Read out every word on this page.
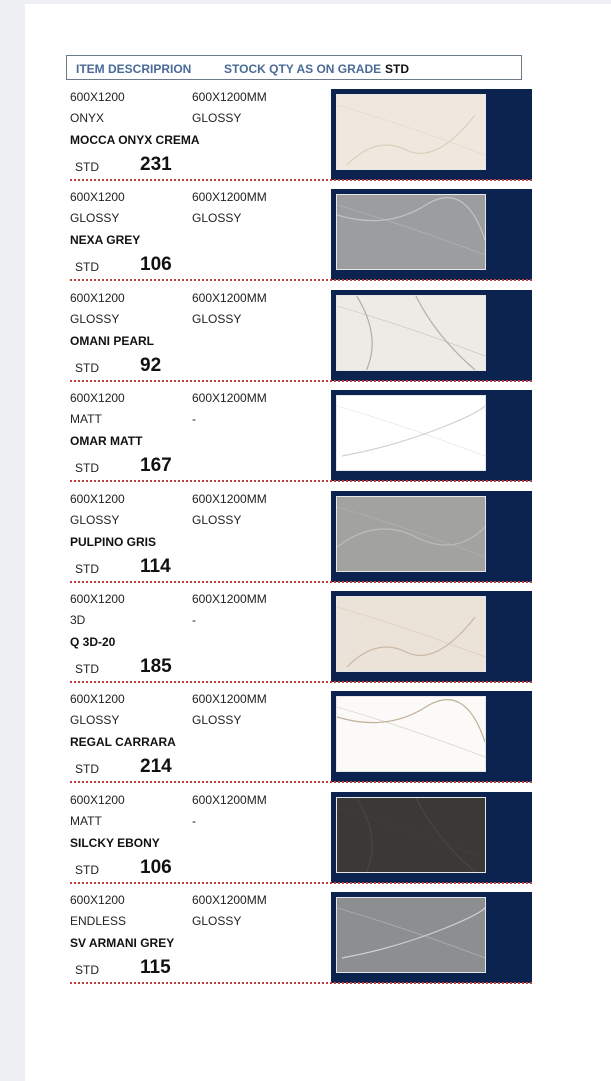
ITEM DESCRIPRION	STOCK QTY AS ON GRADE STD
600X1200
ONYX
600X1200MM
GLOSSY
MOCCA ONYX CREMA
STD 231
600X1200
GLOSSY
600X1200MM
GLOSSY
NEXA GREY
STD 106
600X1200
GLOSSY
600X1200MM
GLOSSY
OMANI PEARL
STD 92
600X1200
MATT
600X1200MM
-
OMAR MATT
STD 167
600X1200
GLOSSY
600X1200MM
GLOSSY
PULPINO GRIS
STD 114
600X1200
3D
600X1200MM
-
Q 3D-20
STD 185
600X1200
GLOSSY
600X1200MM
GLOSSY
REGAL CARRARA
STD 214
600X1200
MATT
600X1200MM
-
SILCKY EBONY
STD 106
600X1200
ENDLESS
600X1200MM
GLOSSY
SV ARMANI GREY
STD 115
